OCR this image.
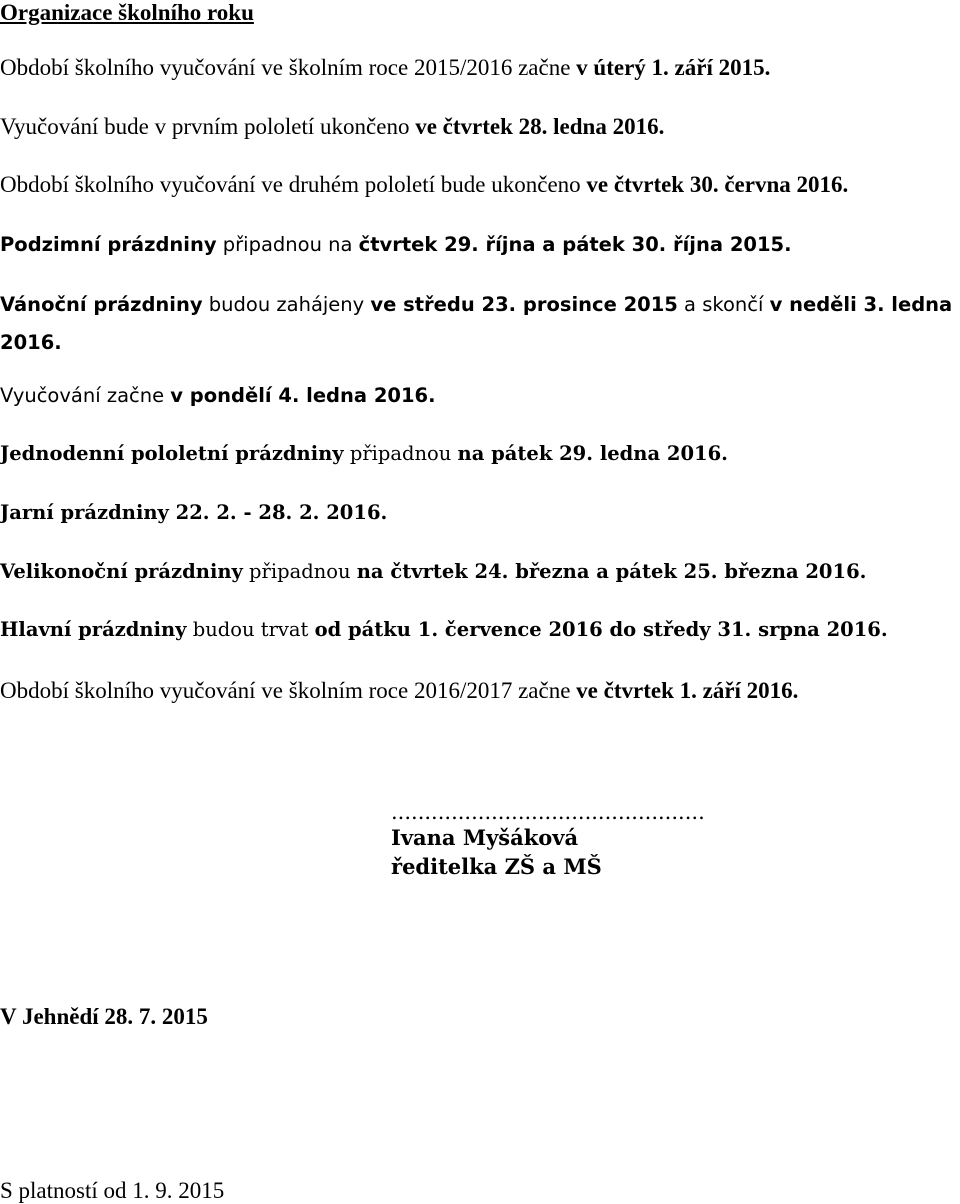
Organizace školního roku
Období školního vyučování ve školním roce 2015/2016 začne v úterý 1. září 2015.
Vyučování bude v prvním pololetí ukončeno ve čtvrtek 28. ledna 2016.
Období školního vyučování ve druhém pololetí bude ukončeno ve čtvrtek 30. června 2016.
Podzimní prázdniny připadnou na čtvrtek 29. října a pátek 30. října 2015.
Vánoční prázdniny budou zahájeny ve středu 23. prosince 2015 a skončí v neděli 3. ledna 2016.
Vyučování začne v pondělí 4. ledna 2016.
Jednodenní pololetní prázdniny připadnou na pátek 29. ledna 2016.
Jarní prázdniny 22. 2. - 28. 2. 2016.
Velikonoční prázdniny připadnou na čtvrtek 24. března a pátek 25. března 2016.
Hlavní prázdniny budou trvat od pátku 1. července 2016 do středy 31. srpna 2016.
Období školního vyučování ve školním roce 2016/2017 začne ve čtvrtek 1. září 2016.
...............................................
Ivana Myšáková
ředitelka ZŠ a MŠ
V Jehnědí 28. 7. 2015
S platností od 1. 9. 2015
